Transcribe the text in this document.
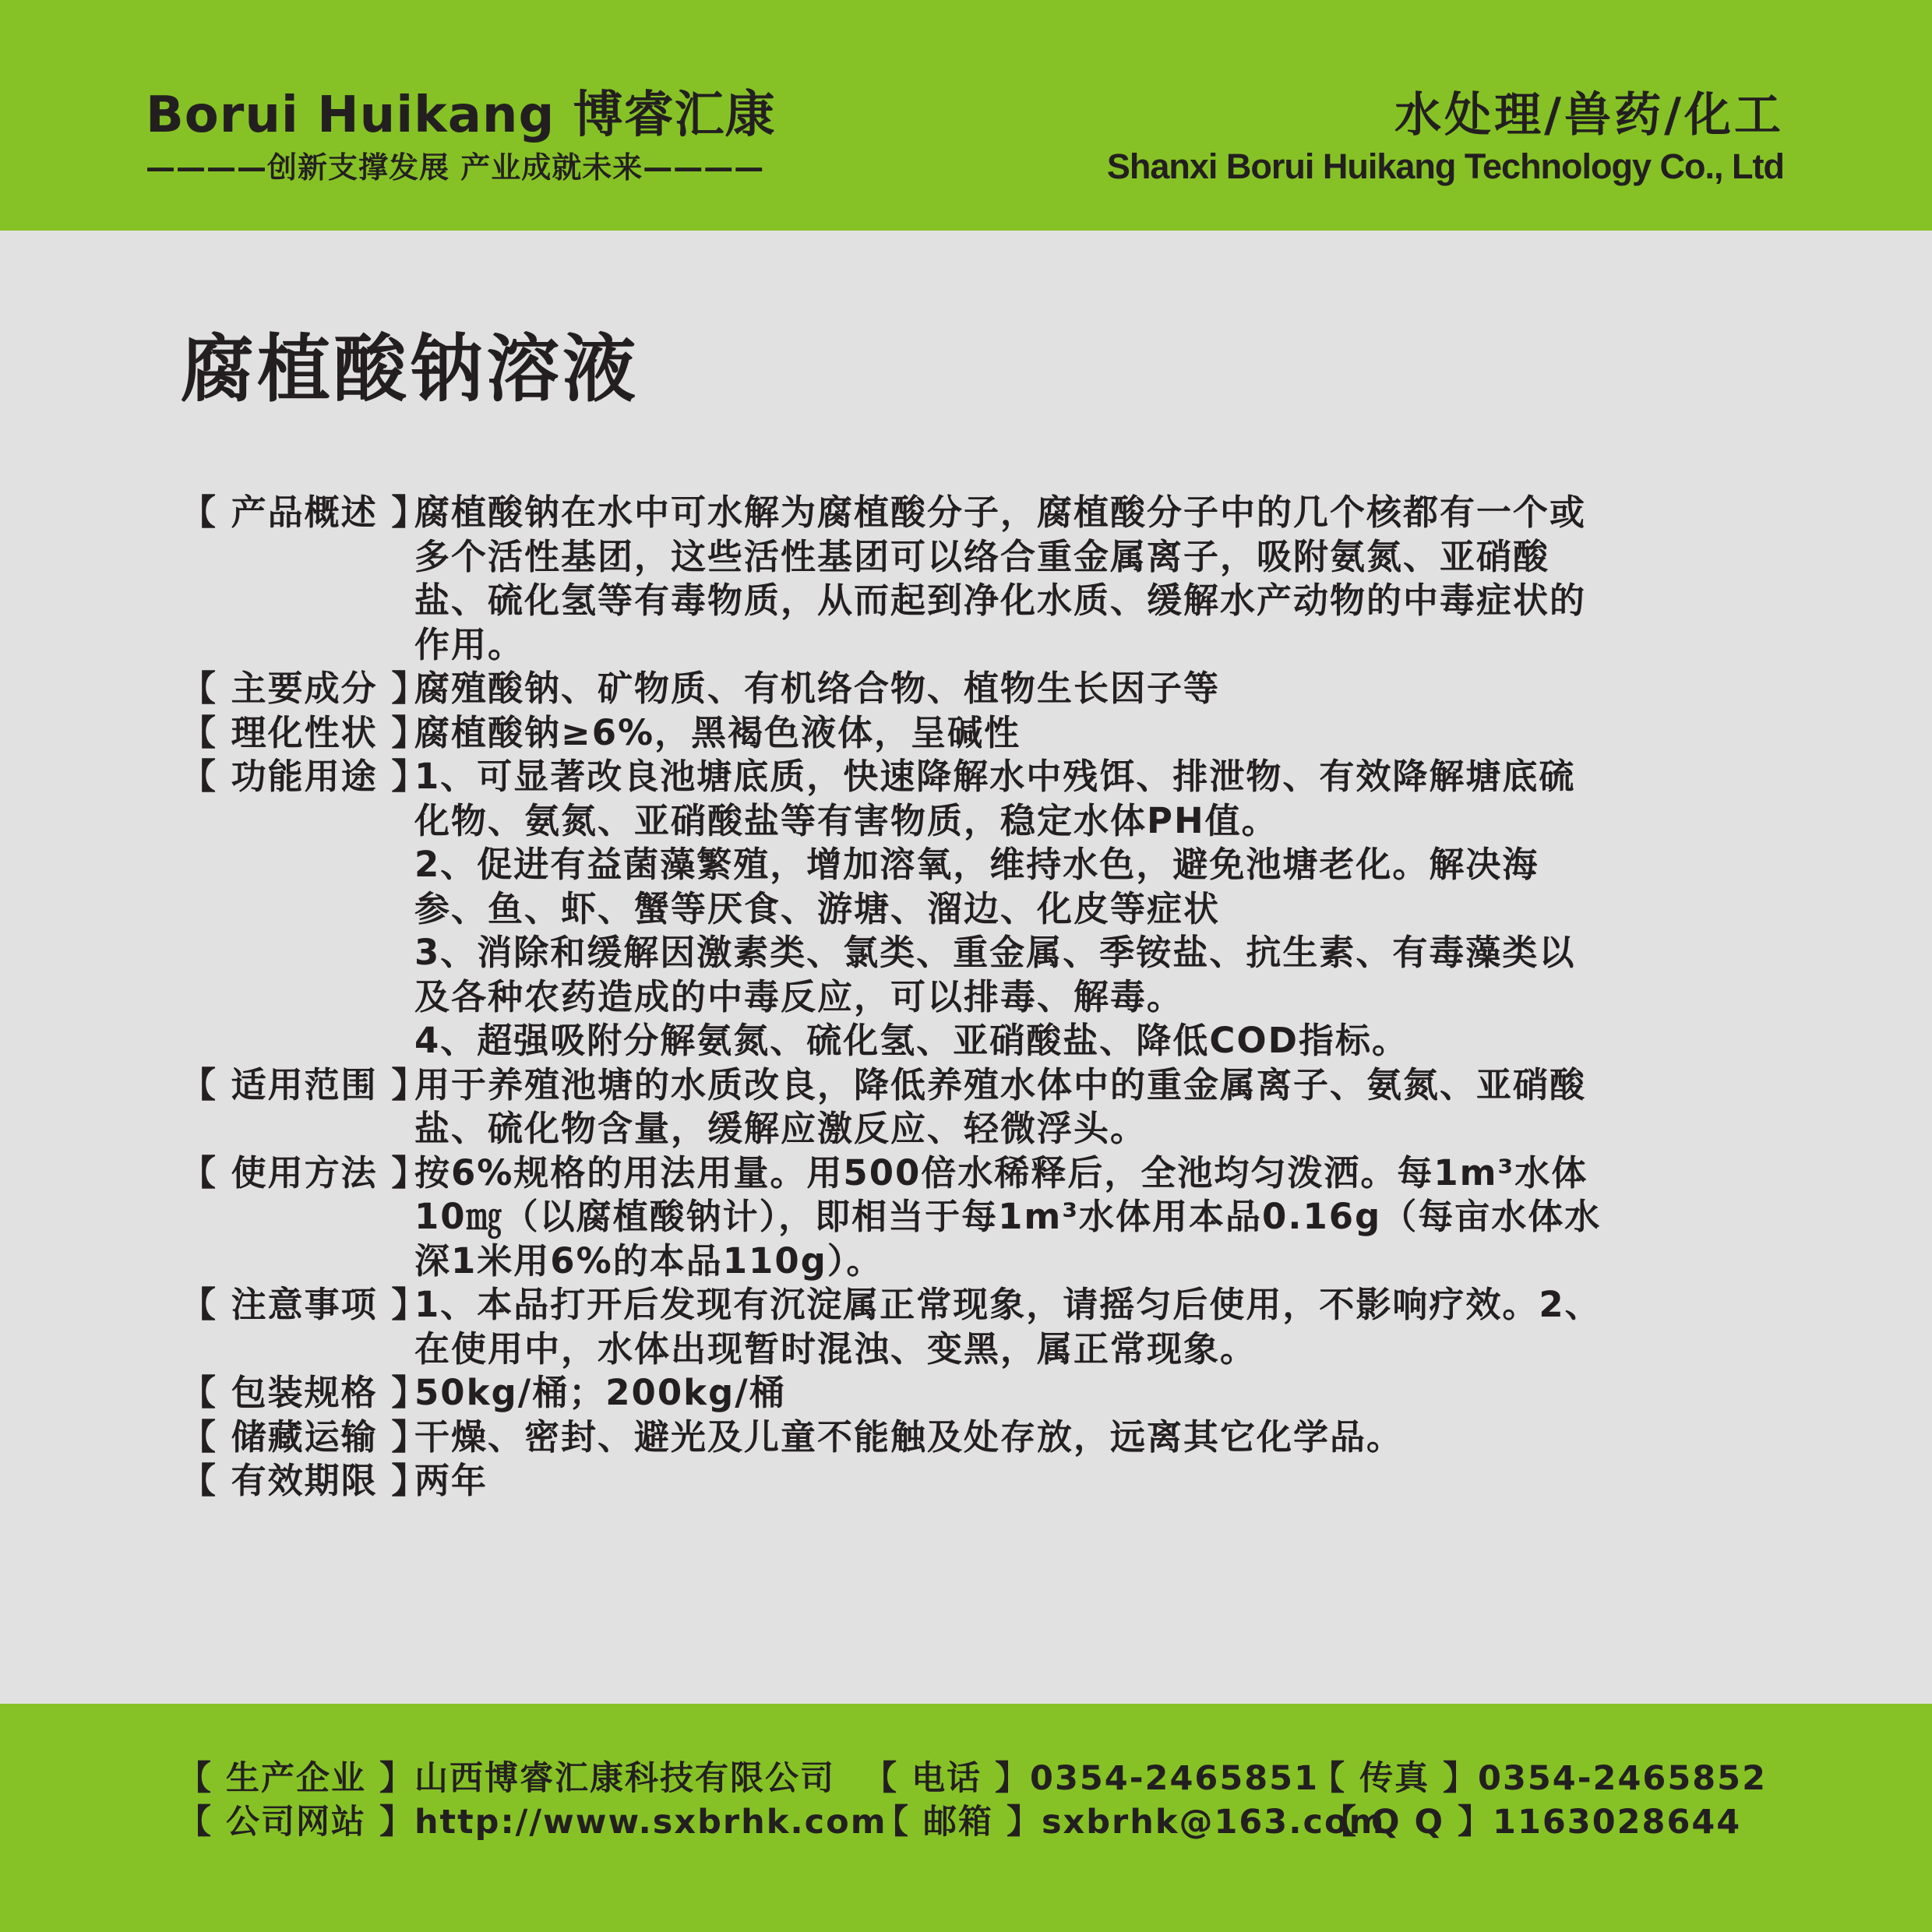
Borui Huikang 博睿汇康
————创新支撑发展 产业成就未来————
水处理/兽药/化工
Shanxi Borui Huikang Technology Co., Ltd
腐植酸钠溶液
【 产品概述 】
腐植酸钠在水中可水解为腐植酸分子，腐植酸分子中的几个核都有一个或
多个活性基团，这些活性基团可以络合重金属离子，吸附氨氮、亚硝酸
盐、硫化氢等有毒物质，从而起到净化水质、缓解水产动物的中毒症状的
作用。
【 主要成分 】
腐殖酸钠、矿物质、有机络合物、植物生长因子等
【 理化性状 】
腐植酸钠≥6%，黑褐色液体，呈碱性
【 功能用途 】
1、可显著改良池塘底质，快速降解水中残饵、排泄物、有效降解塘底硫
化物、氨氮、亚硝酸盐等有害物质，稳定水体PH值。
2、促进有益菌藻繁殖，增加溶氧，维持水色，避免池塘老化。解决海
参、鱼、虾、蟹等厌食、游塘、溜边、化皮等症状
3、消除和缓解因激素类、氯类、重金属、季铵盐、抗生素、有毒藻类以
及各种农药造成的中毒反应，可以排毒、解毒。
4、超强吸附分解氨氮、硫化氢、亚硝酸盐、降低COD指标。
【 适用范围 】
用于养殖池塘的水质改良，降低养殖水体中的重金属离子、氨氮、亚硝酸
盐、硫化物含量，缓解应激反应、轻微浮头。
【 使用方法 】
按6%规格的用法用量。用500倍水稀释后，全池均匀泼洒。每1m³水体
10㎎（以腐植酸钠计），即相当于每1m³水体用本品0.16g（每亩水体水
深1米用6%的本品110g）。
【 注意事项 】
1、本品打开后发现有沉淀属正常现象，请摇匀后使用，不影响疗效。2、
在使用中，水体出现暂时混浊、变黑，属正常现象。
【 包装规格 】
50kg/桶；200kg/桶
【 储藏运输 】
干燥、密封、避光及儿童不能触及处存放，远离其它化学品。
【 有效期限 】
两年
【 生产企业 】山西博睿汇康科技有限公司 【 电话 】0354-2465851
【 传真 】0354-2465852
【 公司网站 】http://www.sxbrhk.com
【 邮箱 】sxbrhk@163.com
【 Q Q 】1163028644
